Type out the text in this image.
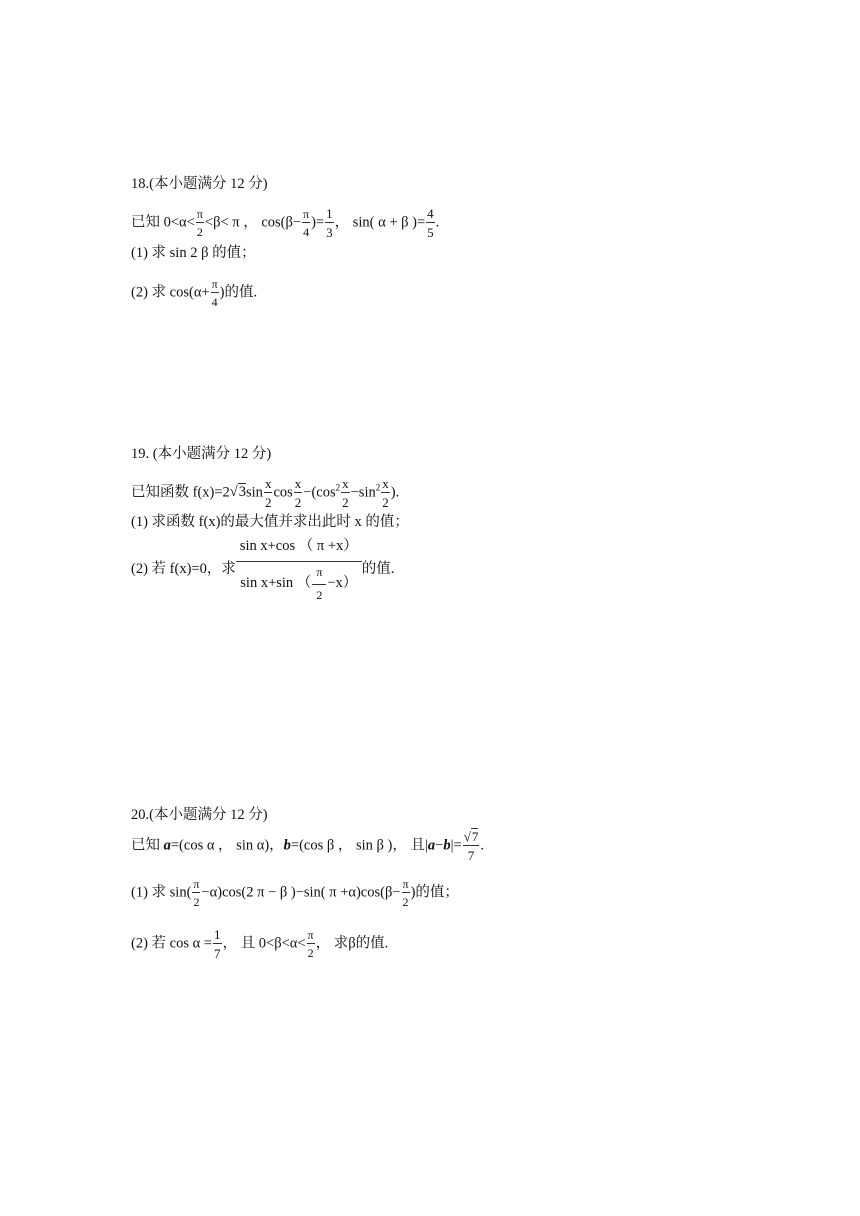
18.(本小题满分 12 分)
已知 $0<\alpha< \frac{\pi}{2} <\beta< \pi$ ， $\cos(\beta- \frac{\pi}{4}$ )= $\frac{1}{3}$ ， sin( α + β )= $\frac{4}{5}$ .
(1) 求 sin 2 β 的值；
(2) 求 $\cos(\alpha+ \frac{\pi}{4}$ )的值.
19. (本小题满分 12 分)
已知函数 $f(x)=2√3\sin \frac{x}{2}$ $\cos \frac{x}{2} -(\cos^2 \frac{x}{2} -\sin^2 \frac{x}{2}$ ).
(1) 求函数 f(x)的最大值并求出此时 x 的值；
(2) 若 f(x)=0，求 $\frac{\text{sin x+cos （ π +x）}}{\sin x+\sin ( \frac{\pi}{2} -x)}$ 的值.
20.(本小题满分 12 分)
已知 a=(cos α ， sin α)，b=(cos β ， sin β )， 且$|a-b|= \frac{√7}{7}$ .
(1) 求 $\sin( \frac{\pi}{2} -\alpha)\cos(2$ π − β )−sin( $\pi +\alpha)\cos(\beta- \frac{\pi}{2}$ )的值；
(2) 若 $\cos \alpha = \frac{1}{7}$ ， 且 $0<\beta<\alpha< \frac{\pi}{2}$ ， 求β的值.
